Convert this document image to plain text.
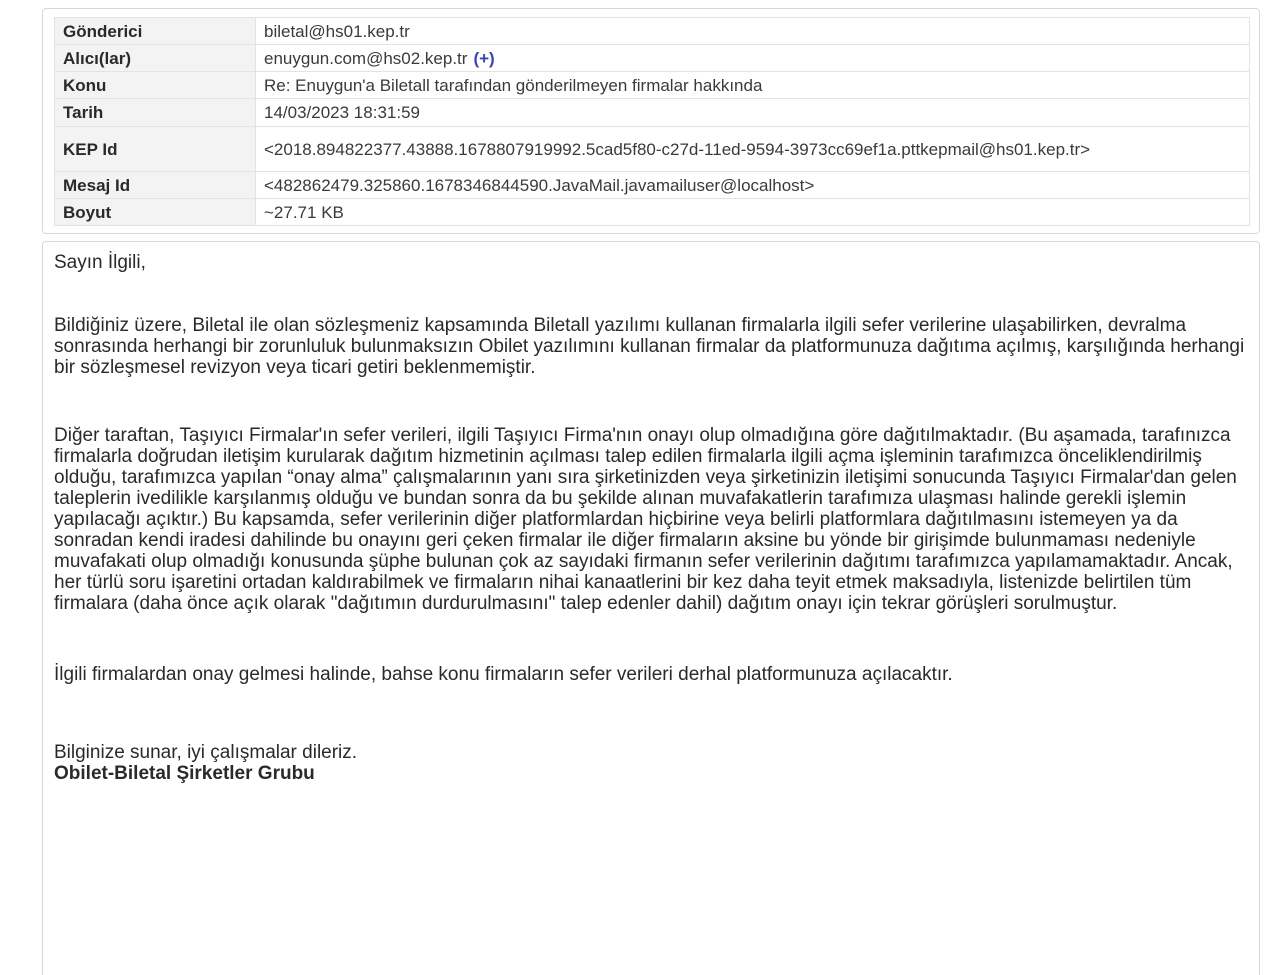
Gönderici	biletal@hs01.kep.tr
Alıcı(lar)	enuygun.com@hs02.kep.tr (+)
Konu	Re: Enuygun'a Biletall tarafından gönderilmeyen firmalar hakkında
Tarih	14/03/2023 18:31:59
KEP Id	<2018.894822377.43888.1678807919992.5cad5f80-c27d-11ed-9594-3973cc69ef1a.pttkepmail@hs01.kep.tr>
Mesaj Id	<482862479.325860.1678346844590.JavaMail.javamailuser@localhost>
Boyut	~27.71 KB

Sayın İlgili,

Bildiğiniz üzere, Biletal ile olan sözleşmeniz kapsamında Biletall yazılımı kullanan firmalarla ilgili sefer verilerine ulaşabilirken, devralma sonrasında herhangi bir zorunluluk bulunmaksızın Obilet yazılımını kullanan firmalar da platformunuza dağıtıma açılmış, karşılığında herhangi bir sözleşmesel revizyon veya ticari getiri beklenmemiştir.

Diğer taraftan, Taşıyıcı Firmalar'ın sefer verileri, ilgili Taşıyıcı Firma'nın onayı olup olmadığına göre dağıtılmaktadır. (Bu aşamada, tarafınızca firmalarla doğrudan iletişim kurularak dağıtım hizmetinin açılması talep edilen firmalarla ilgili açma işleminin tarafımızca önceliklendirilmiş olduğu, tarafımızca yapılan “onay alma” çalışmalarının yanı sıra şirketinizden veya şirketinizin iletişimi sonucunda Taşıyıcı Firmalar'dan gelen taleplerin ivedilikle karşılanmış olduğu ve bundan sonra da bu şekilde alınan muvafakatlerin tarafımıza ulaşması halinde gerekli işlemin yapılacağı açıktır.) Bu kapsamda, sefer verilerinin diğer platformlardan hiçbirine veya belirli platformlara dağıtılmasını istemeyen ya da sonradan kendi iradesi dahilinde bu onayını geri çeken firmalar ile diğer firmaların aksine bu yönde bir girişimde bulunmaması nedeniyle muvafakati olup olmadığı konusunda şüphe bulunan çok az sayıdaki firmanın sefer verilerinin dağıtımı tarafımızca yapılamamaktadır. Ancak, her türlü soru işaretini ortadan kaldırabilmek ve firmaların nihai kanaatlerini bir kez daha teyit etmek maksadıyla, listenizde belirtilen tüm firmalara (daha önce açık olarak "dağıtımın durdurulmasını" talep edenler dahil) dağıtım onayı için tekrar görüşleri sorulmuştur.

İlgili firmalardan onay gelmesi halinde, bahse konu firmaların sefer verileri derhal platformunuza açılacaktır.

Bilginize sunar, iyi çalışmalar dileriz.

Obilet-Biletal Şirketler Grubu
